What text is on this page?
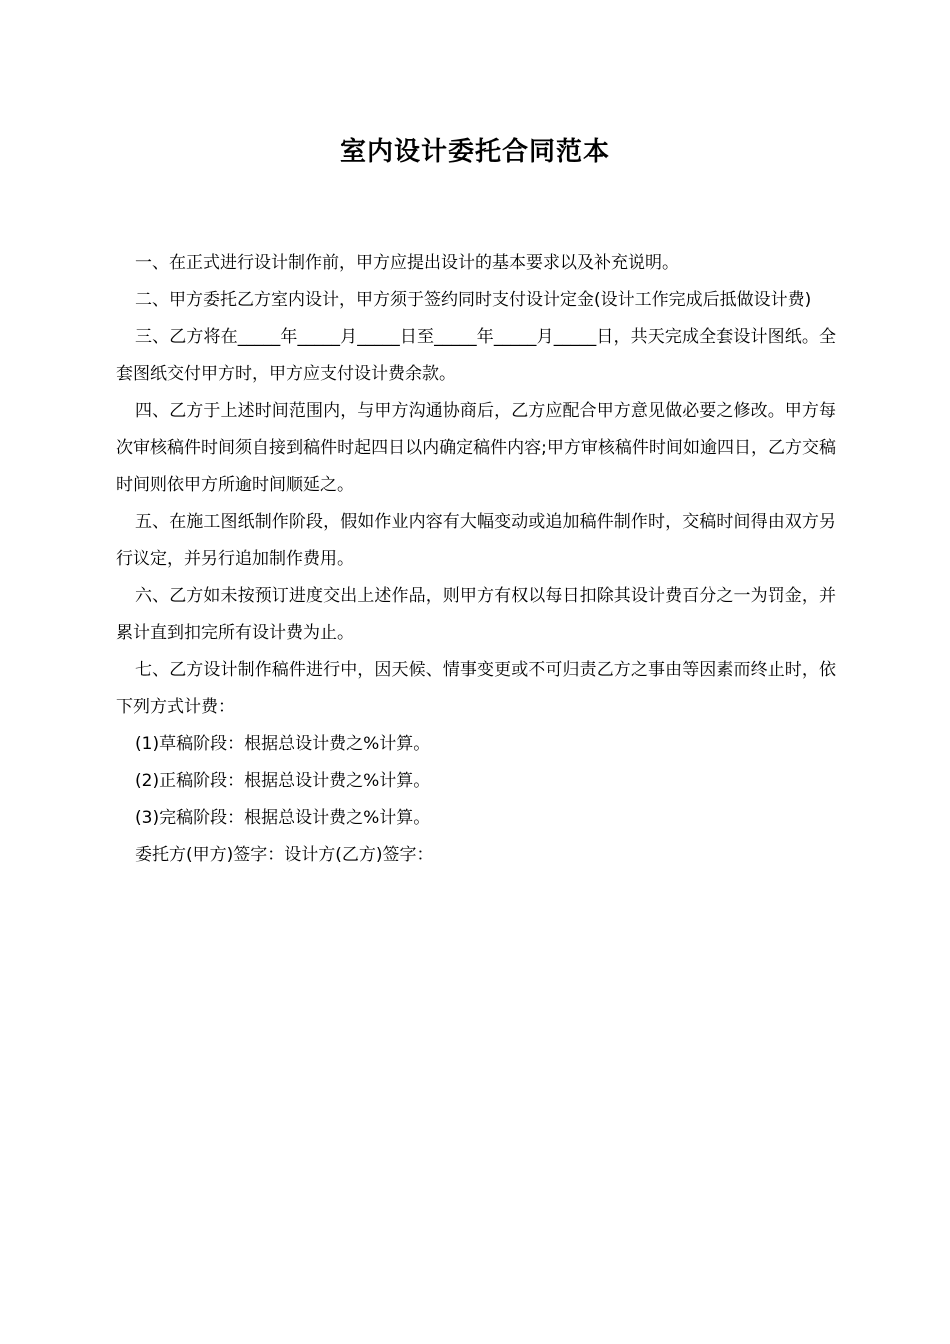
室内设计委托合同范本

一、在正式进行设计制作前，甲方应提出设计的基本要求以及补充说明。

二、甲方委托乙方室内设计，甲方须于签约同时支付设计定金(设计工作完成后抵做设计费)

三、乙方将在_____年_____月_____日至_____年_____月_____日，共天完成全套设计图纸。全套图纸交付甲方时，甲方应支付设计费余款。

四、乙方于上述时间范围内，与甲方沟通协商后，乙方应配合甲方意见做必要之修改。甲方每次审核稿件时间须自接到稿件时起四日以内确定稿件内容;甲方审核稿件时间如逾四日，乙方交稿时间则依甲方所逾时间顺延之。

五、在施工图纸制作阶段，假如作业内容有大幅变动或追加稿件制作时，交稿时间得由双方另行议定，并另行追加制作费用。

六、乙方如未按预订进度交出上述作品，则甲方有权以每日扣除其设计费百分之一为罚金，并累计直到扣完所有设计费为止。

七、乙方设计制作稿件进行中，因天候、情事变更或不可归责乙方之事由等因素而终止时，依下列方式计费：

(1)草稿阶段：根据总设计费之%计算。

(2)正稿阶段：根据总设计费之%计算。

(3)完稿阶段：根据总设计费之%计算。

委托方(甲方)签字：设计方(乙方)签字：
